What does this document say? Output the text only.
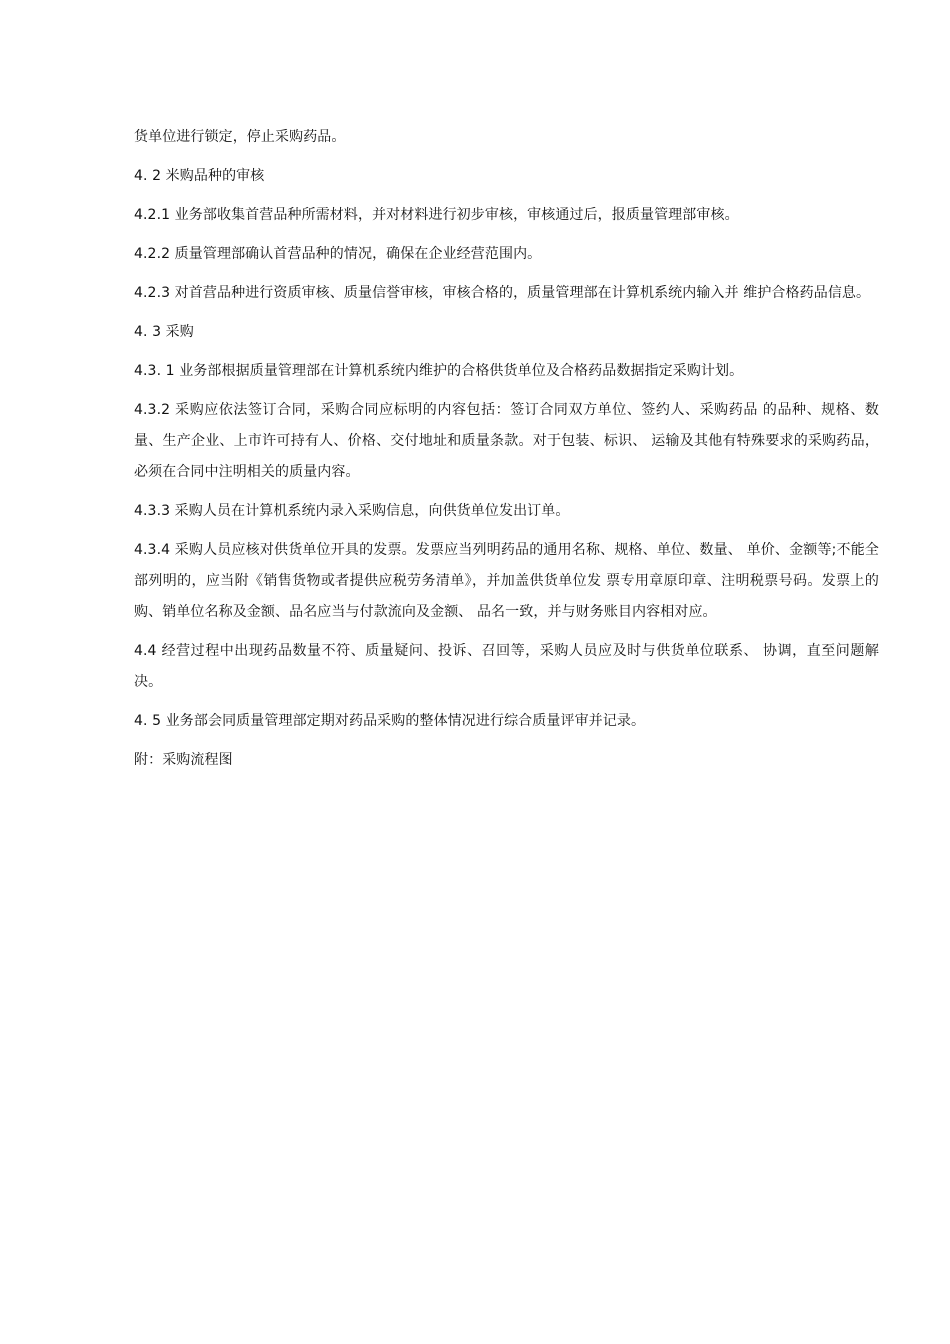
货单位进行锁定，停止采购药品。

4. 2 米购品种的审核

4.2.1 业务部收集首营品种所需材料，并对材料进行初步审核，审核通过后，报质量管理部审核。

4.2.2 质量管理部确认首营品种的情况，确保在企业经营范围内。

4.2.3 对首营品种进行资质审核、质量信誉审核，审核合格的，质量管理部在计算机系统内输入并 维护合格药品信息。

4. 3 采购

4.3. 1 业务部根据质量管理部在计算机系统内维护的合格供货单位及合格药品数据指定采购计划。

4.3.2 采购应依法签订合同，采购合同应标明的内容包括：签订合同双方单位、签约人、采购药品 的品种、规格、数量、生产企业、上市许可持有人、价格、交付地址和质量条款。对于包装、标识、 运输及其他有特殊要求的采购药品，必须在合同中注明相关的质量内容。

4.3.3 采购人员在计算机系统内录入采购信息，向供货单位发出订单。

4.3.4 采购人员应核对供货单位开具的发票。发票应当列明药品的通用名称、规格、单位、数量、 单价、金额等;不能全部列明的，应当附《销售货物或者提供应税劳务清单》，并加盖供货单位发 票专用章原印章、注明税票号码。发票上的购、销单位名称及金额、品名应当与付款流向及金额、 品名一致，并与财务账目内容相对应。

4.4 经营过程中出现药品数量不符、质量疑问、投诉、召回等，采购人员应及时与供货单位联系、 协调，直至问题解决。

4. 5 业务部会同质量管理部定期对药品采购的整体情况进行综合质量评审并记录。

附：采购流程图
